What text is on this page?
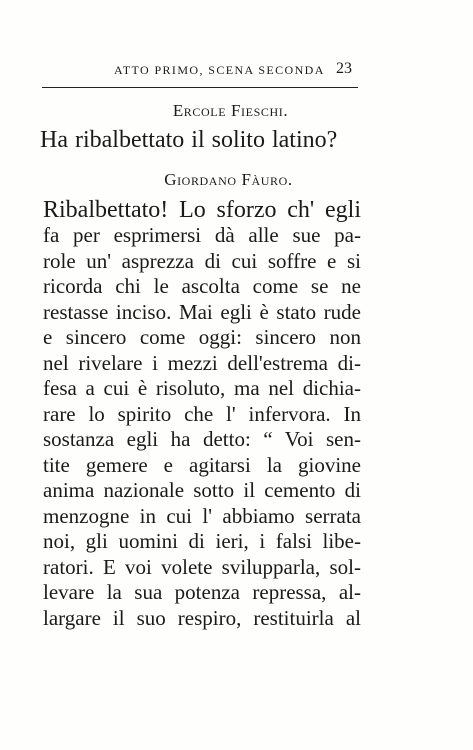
ATTO PRIMO, SCENA SECONDA 23
Ercole Fieschi.
Ha ribalbettato il solito latino?
Giordano Fàuro.
Ribalbettato! Lo sforzo ch' egli
fa per esprimersi dà alle sue pa-
role un' asprezza di cui soffre e si
ricorda chi le ascolta come se ne
restasse inciso. Mai egli è stato rude
e sincero come oggi: sincero non
nel rivelare i mezzi dell'estrema di-
fesa a cui è risoluto, ma nel dichia-
rare lo spirito che l' infervora. In
sostanza egli ha detto: “ Voi sen-
tite gemere e agitarsi la giovine
anima nazionale sotto il cemento di
menzogne in cui l' abbiamo serrata
noi, gli uomini di ieri, i falsi libe-
ratori. E voi volete svilupparla, sol-
levare la sua potenza repressa, al-
largare il suo respiro, restituirla al
